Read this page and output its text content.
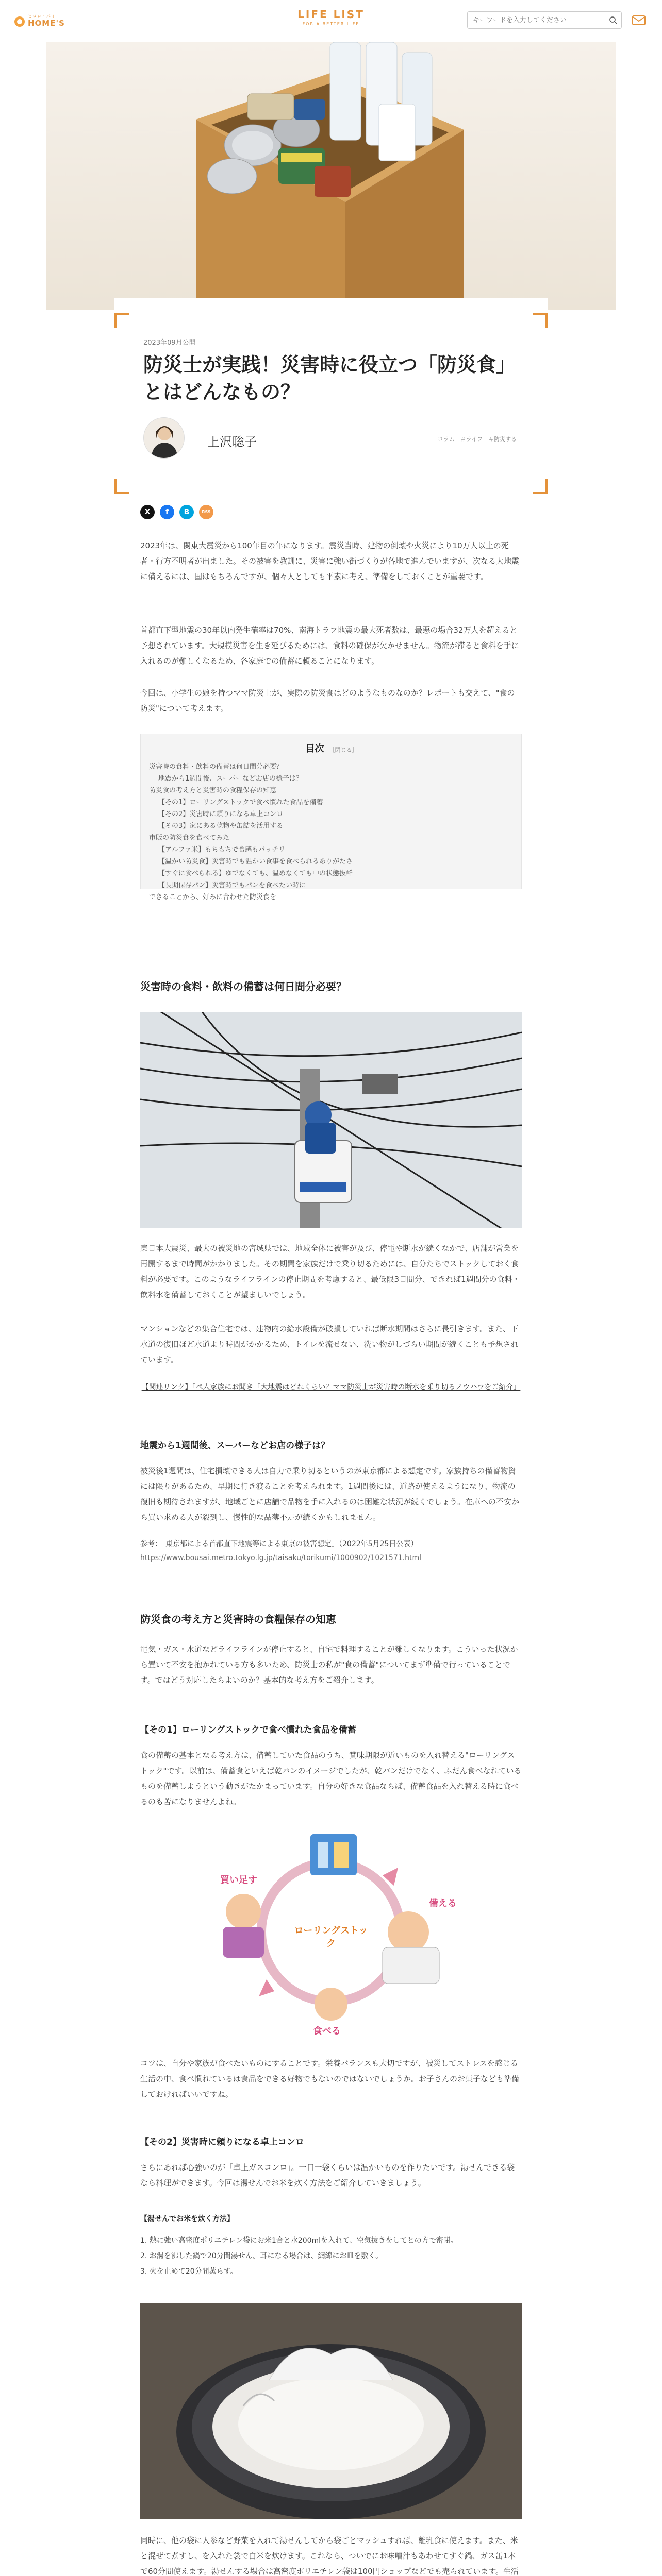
ヒロロ・バイ
HOME'S
LIFE LIST
FOR A BETTER LIFE
キーワードを入力してください
2023年09月公開
防災士が実践！災害時に役立つ「防災食」とはどんなもの？
上沢聡子	コラム　＃ライフ　＃防災する
X	f	B	RSS

2023年は、関東大震災から100年目の年になります。震災当時、建物の倒壊や火災により10万人以上の死者・行方不明者が出ました。その被害を教訓に、災害に強い街づくりが各地で進んでいますが、次なる大地震に備えるには、国はもちろんですが、個々人としても平素に考え、準備をしておくことが重要です。

首都直下型地震の30年以内発生確率は70%、南海トラフ地震の最大死者数は、最悪の場合32万人を超えると予想されています。大規模災害を生き延びるためには、食料の確保が欠かせません。物流が滞ると食料を手に入れるのが難しくなるため、各家庭での備蓄に頼ることになります。

今回は、小学生の娘を持つママ防災士が、実際の防災食はどのようなものなのか？レポートも交えて、"食の防災"について考えます。

目次 ［閉じる］
災害時の食料・飲料の備蓄は何日間分必要？
地震から1週間後、スーパーなどお店の様子は？
防災食の考え方と災害時の食糧保存の知恵
【その1】ローリングストックで食べ慣れた食品を備蓄
【その2】災害時に頼りになる卓上コンロ
【その3】家にある乾物や缶詰を活用する
市販の防災食を食べてみた
【アルファ米】もちもちで食感もバッチリ
【温かい防災食】災害時でも温かい食事を食べられるありがたさ
【すぐに食べられる】ゆでなくても、温めなくても中の状態抜群
【長期保存パン】災害時でもパンを食べたい時に
できることから、好みに合わせた防災食を
災害時の食料・飲料の備蓄は何日間分必要？

東日本大震災、最大の被災地の宮城県では、地域全体に被害が及び、停電や断水が続くなかで、店舗が営業を再開するまで時間がかかりました。その期間を家族だけで乗り切るためには、自分たちでストックしておく食料が必要です。このようなライフラインの停止期間を考慮すると、最低限3日間分、できれば1週間分の食料・飲料水を備蓄しておくことが望ましいでしょう。

マンションなどの集合住宅では、建物内の給水設備が破損していれば断水期間はさらに長引きます。また、下水道の復旧ほど水道より時間がかかるため、トイレを流せない、洗い物がしづらい期間が続くことも予想されています。

【関連リンク】「ぺ人家族にお聞き「大地震はどれくらい？ママ防災士が災害時の断水を乗り切るノウハウをご紹介」
地震から1週間後、スーパーなどお店の様子は？

被災後1週間は、住宅損壊できる人は自力で乗り切るというのが東京都による想定です。家族持ちの備蓄物資には限りがあるため、早期に行き渡ることを考えられます。1週間後には、道路が使えるようになり、物流の復旧も期待されますが、地域ごとに店舗で品物を手に入れるのは困難な状況が続くでしょう。在庫への不安から買い求める人が殺到し、慢性的な品薄不足が続くかもしれません。

参考：「東京都による首都直下地震等による東京の被害想定」（2022年5月25日公表）

https://www.bousai.metro.tokyo.lg.jp/taisaku/torikumi/1000902/1021571.html
防災食の考え方と災害時の食糧保存の知恵

電気・ガス・水道などライフラインが停止すると、自宅で料理することが難しくなります。こういった状況から置いて不安を抱かれている方も多いため、防災士の私が"食の備蓄"についてまず準備で行っていることです。ではどう対応したらよいのか？基本的な考え方をご紹介します。

【その1】ローリングストックで食べ慣れた食品を備蓄

食の備蓄の基本となる考え方は、備蓄していた食品のうち、賞味期限が近いものを入れ替える"ローリングストック"です。以前は、備蓄食といえば乾パンのイメージでしたが、乾パンだけでなく、ふだん食べなれているものを備蓄しようという動きがたかまっています。自分の好きな食品ならば、備蓄食品を入れ替える時に食べるのも苦になりませんよね。

買い足す
ローリングストック
備える
食べる

コツは、自分や家族が食べたいものにすることです。栄養バランスも大切ですが、被災してストレスを感じる生活の中、食べ慣れているは食品をできる好物でもないのではないでしょうか。お子さんのお菓子なども準備しておければいいですね。

【その2】災害時に頼りになる卓上コンロ

さらにあれば心強いのが「卓上ガスコンロ」。一日一袋くらいは温かいものを作りたいです。湯せんできる袋なら料理ができます。今回は湯せんでお米を炊く方法をご紹介していきましょう。

【湯せんでお米を炊く方法】

1. 熱に強い高密度ポリエチレン袋にお米1合と水200mlを入れて、空気抜きをしてとの方で密閉。

2. お湯を沸した鍋で20分間湯せん。耳になる場合は、網綿にお皿を敷く。

3. 火を止めて20分間蒸らす。

同時に、他の袋に人参など野菜を入れて湯せんしてから袋ごとマッシュすれば、離乳食に使えます。また、米と混ぜて煮すし、を入れた袋で白米を炊けます。これなら、ついでにお味噌汁もあわせてすぐ鍋、ガス缶1本で60分間使えます。湯せんする場合は高密度ポリエチレン袋は100円ショップなどでも売られています。生活
